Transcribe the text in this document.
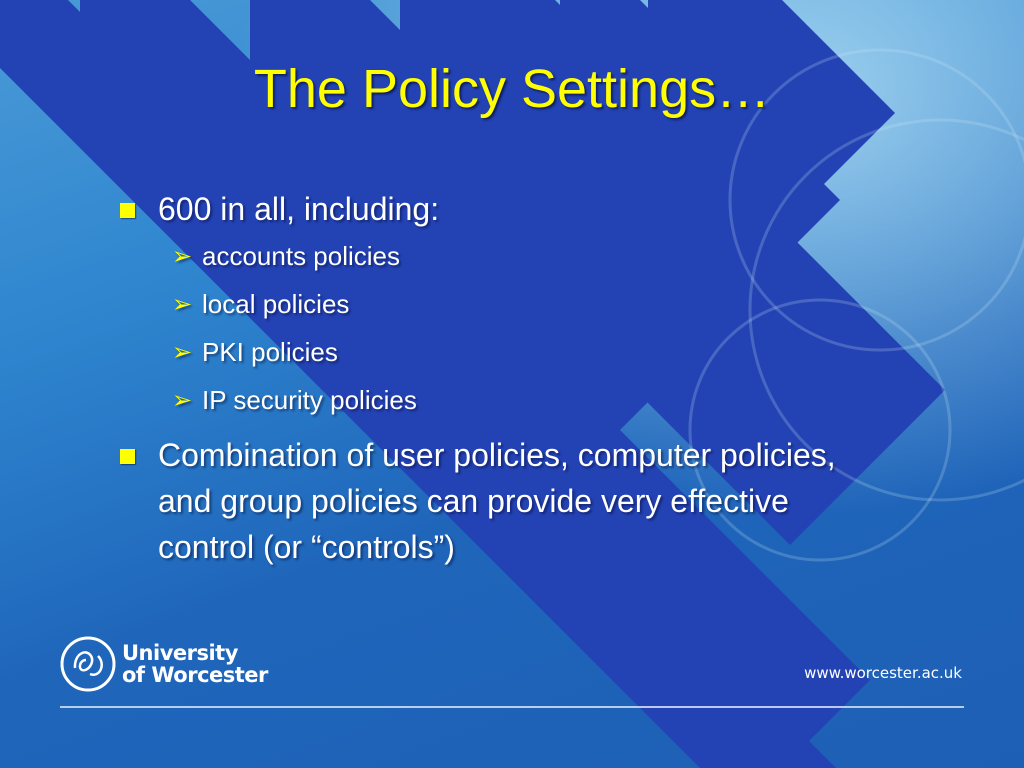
The Policy Settings…
600 in all, including:
➢ accounts policies
➢ local policies
➢ PKI policies
➢ IP security policies
Combination of user policies, computer policies, and group policies can provide very effective control (or “controls”)
University
of Worcester	www.worcester.ac.uk
